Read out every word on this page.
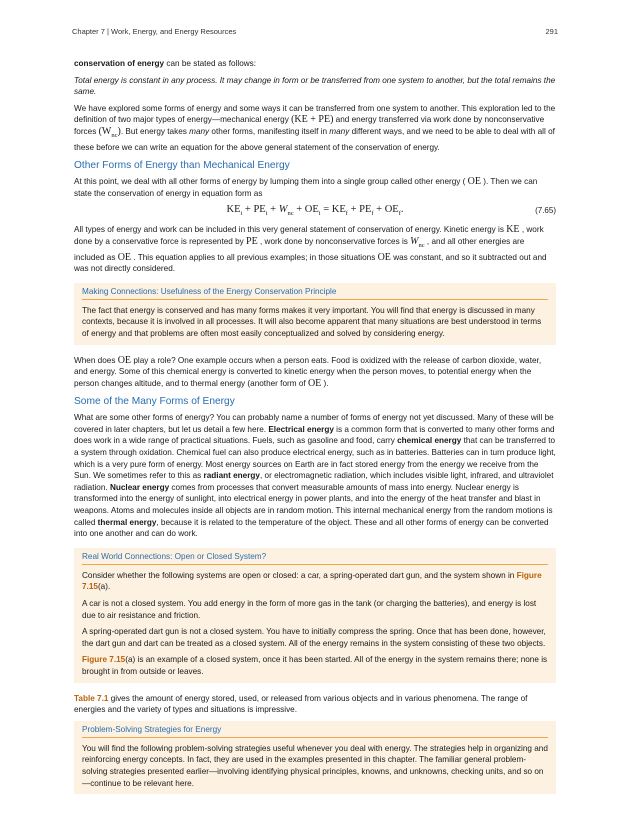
Chapter 7 | Work, Energy, and Energy Resources	291

conservation of energy can be stated as follows:

Total energy is constant in any process. It may change in form or be transferred from one system to another, but the total remains the same.

We have explored some forms of energy and some ways it can be transferred from one system to another. This exploration led to the definition of two major types of energy—mechanical energy (KE + PE) and energy transferred via work done by nonconservative forces $(W_{nc})$. But energy takes many other forms, manifesting itself in many different ways, and we need to be able to deal with all of these before we can write an equation for the above general statement of the conservation of energy.

Other Forms of Energy than Mechanical Energy

At this point, we deal with all other forms of energy by lumping them into a single group called other energy ( OE ). Then we can state the conservation of energy in equation form as

$KE_i + PE_i + W_{nc} + OE_i = KE_f + PE_f + OE_f$.	(7.65)

All types of energy and work can be included in this very general statement of conservation of energy. Kinetic energy is KE , work done by a conservative force is represented by PE , work done by nonconservative forces is $W_{nc}$ , and all other energies are included as OE . This equation applies to all previous examples; in those situations OE was constant, and so it subtracted out and was not directly considered.

Making Connections: Usefulness of the Energy Conservation Principle

The fact that energy is conserved and has many forms makes it very important. You will find that energy is discussed in many contexts, because it is involved in all processes. It will also become apparent that many situations are best understood in terms of energy and that problems are often most easily conceptualized and solved by considering energy.

When does OE play a role? One example occurs when a person eats. Food is oxidized with the release of carbon dioxide, water, and energy. Some of this chemical energy is converted to kinetic energy when the person moves, to potential energy when the person changes altitude, and to thermal energy (another form of OE ).

Some of the Many Forms of Energy

What are some other forms of energy? You can probably name a number of forms of energy not yet discussed. Many of these will be covered in later chapters, but let us detail a few here. Electrical energy is a common form that is converted to many other forms and does work in a wide range of practical situations. Fuels, such as gasoline and food, carry chemical energy that can be transferred to a system through oxidation. Chemical fuel can also produce electrical energy, such as in batteries. Batteries can in turn produce light, which is a very pure form of energy. Most energy sources on Earth are in fact stored energy from the energy we receive from the Sun. We sometimes refer to this as radiant energy, or electromagnetic radiation, which includes visible light, infrared, and ultraviolet radiation. Nuclear energy comes from processes that convert measurable amounts of mass into energy. Nuclear energy is transformed into the energy of sunlight, into electrical energy in power plants, and into the energy of the heat transfer and blast in weapons. Atoms and molecules inside all objects are in random motion. This internal mechanical energy from the random motions is called thermal energy, because it is related to the temperature of the object. These and all other forms of energy can be converted into one another and can do work.

Real World Connections: Open or Closed System?

Consider whether the following systems are open or closed: a car, a spring-operated dart gun, and the system shown in Figure 7.15(a).

A car is not a closed system. You add energy in the form of more gas in the tank (or charging the batteries), and energy is lost due to air resistance and friction.

A spring-operated dart gun is not a closed system. You have to initially compress the spring. Once that has been done, however, the dart gun and dart can be treated as a closed system. All of the energy remains in the system consisting of these two objects.

Figure 7.15(a) is an example of a closed system, once it has been started. All of the energy in the system remains there; none is brought in from outside or leaves.

Table 7.1 gives the amount of energy stored, used, or released from various objects and in various phenomena. The range of energies and the variety of types and situations is impressive.

Problem-Solving Strategies for Energy

You will find the following problem-solving strategies useful whenever you deal with energy. The strategies help in organizing and reinforcing energy concepts. In fact, they are used in the examples presented in this chapter. The familiar general problem-solving strategies presented earlier—involving identifying physical principles, knowns, and unknowns, checking units, and so on—continue to be relevant here.
